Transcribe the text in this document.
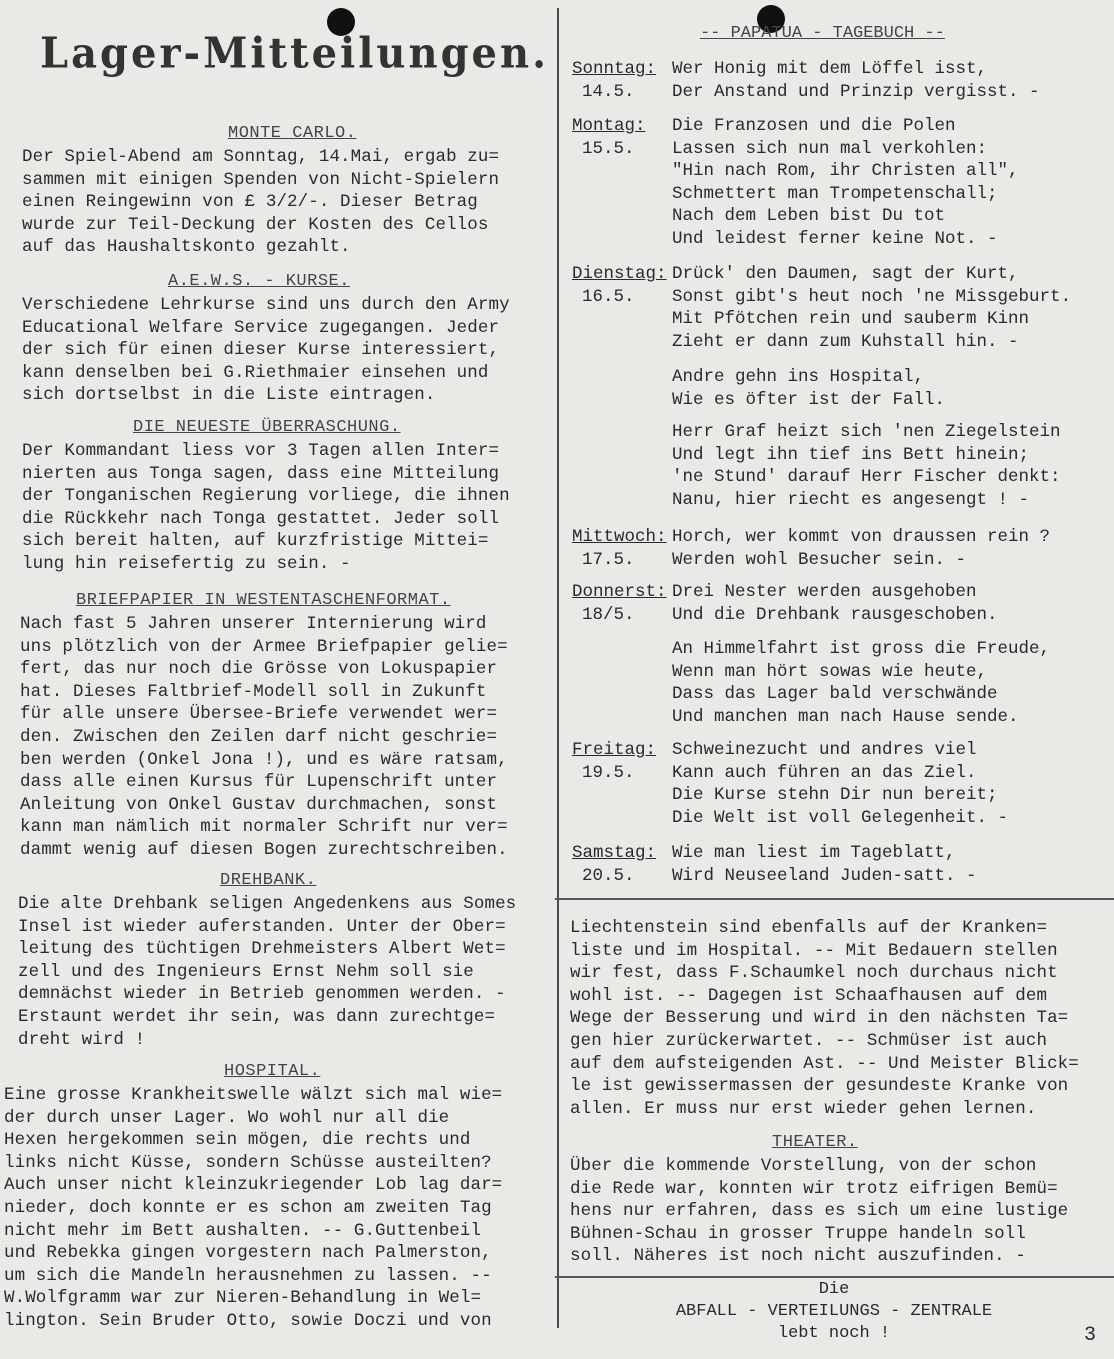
Lager-Mitteilungen.
MONTE CARLO.
Der Spiel-Abend am Sonntag, 14.Mai, ergab zu=
sammen mit einigen Spenden von Nicht-Spielern
einen Reingewinn von £ 3/2/-. Dieser Betrag
wurde zur Teil-Deckung der Kosten des Cellos
auf das Haushaltskonto gezahlt.
A.E.W.S. - KURSE.
Verschiedene Lehrkurse sind uns durch den Army
Educational Welfare Service zugegangen. Jeder
der sich für einen dieser Kurse interessiert,
kann denselben bei G.Riethmaier einsehen und
sich dortselbst in die Liste eintragen.
DIE NEUESTE ÜBERRASCHUNG.
Der Kommandant liess vor 3 Tagen allen Inter=
nierten aus Tonga sagen, dass eine Mitteilung
der Tonganischen Regierung vorliege, die ihnen
die Rückkehr nach Tonga gestattet. Jeder soll
sich bereit halten, auf kurzfristige Mittei=
lung hin reisefertig zu sein. -
BRIEFPAPIER IN WESTENTASCHENFORMAT.
Nach fast 5 Jahren unserer Internierung wird
uns plötzlich von der Armee Briefpapier gelie=
fert, das nur noch die Grösse von Lokuspapier
hat. Dieses Faltbrief-Modell soll in Zukunft
für alle unsere Übersee-Briefe verwendet wer=
den. Zwischen den Zeilen darf nicht geschrie=
ben werden (Onkel Jona !), und es wäre ratsam,
dass alle einen Kursus für Lupenschrift unter
Anleitung von Onkel Gustav durchmachen, sonst
kann man nämlich mit normaler Schrift nur ver=
dammt wenig auf diesen Bogen zurechtschreiben.
DREHBANK.
Die alte Drehbank seligen Angedenkens aus Somes
Insel ist wieder auferstanden. Unter der Ober=
leitung des tüchtigen Drehmeisters Albert Wet=
zell und des Ingenieurs Ernst Nehm soll sie
demnächst wieder in Betrieb genommen werden. -
Erstaunt werdet ihr sein, was dann zurechtge=
dreht wird !
HOSPITAL.
Eine grosse Krankheitswelle wälzt sich mal wie=
der durch unser Lager. Wo wohl nur all die
Hexen hergekommen sein mögen, die rechts und
links nicht Küsse, sondern Schüsse austeilten?
Auch unser nicht kleinzukriegender Lob lag dar=
nieder, doch konnte er es schon am zweiten Tag
nicht mehr im Bett aushalten. -- G.Guttenbeil
und Rebekka gingen vorgestern nach Palmerston,
um sich die Mandeln herausnehmen zu lassen. --
W.Wolfgramm war zur Nieren-Behandlung in Wel=
lington. Sein Bruder Otto, sowie Doczi und von
-- PAPATUA - TAGEBUCH --
Sonntag:
14.5.
Wer Honig mit dem Löffel isst,
Der Anstand und Prinzip vergisst. -
Montag:
15.5.
Die Franzosen und die Polen
Lassen sich nun mal verkohlen:
"Hin nach Rom, ihr Christen all",
Schmettert man Trompetenschall;
Nach dem Leben bist Du tot
Und leidest ferner keine Not. -
Dienstag:
16.5.
Drück' den Daumen, sagt der Kurt,
Sonst gibt's heut noch 'ne Missgeburt.
Mit Pfötchen rein und sauberm Kinn
Zieht er dann zum Kuhstall hin. -
Andre gehn ins Hospital,
Wie es öfter ist der Fall.
Herr Graf heizt sich 'nen Ziegelstein
Und legt ihn tief ins Bett hinein;
'ne Stund' darauf Herr Fischer denkt:
Nanu, hier riecht es angesengt ! -
Mittwoch:
17.5.
Horch, wer kommt von draussen rein ?
Werden wohl Besucher sein. -
Donnerst:
18/5.
Drei Nester werden ausgehoben
Und die Drehbank rausgeschoben.
An Himmelfahrt ist gross die Freude,
Wenn man hört sowas wie heute,
Dass das Lager bald verschwände
Und manchen man nach Hause sende.
Freitag:
19.5.
Schweinezucht und andres viel
Kann auch führen an das Ziel.
Die Kurse stehn Dir nun bereit;
Die Welt ist voll Gelegenheit. -
Samstag:
20.5.
Wie man liest im Tageblatt,
Wird Neuseeland Juden-satt. -
Liechtenstein sind ebenfalls auf der Kranken=
liste und im Hospital. -- Mit Bedauern stellen
wir fest, dass F.Schaumkel noch durchaus nicht
wohl ist. -- Dagegen ist Schaafhausen auf dem
Wege der Besserung und wird in den nächsten Ta=
gen hier zurückerwartet. -- Schmüser ist auch
auf dem aufsteigenden Ast. -- Und Meister Blick=
le ist gewissermassen der gesundeste Kranke von
allen. Er muss nur erst wieder gehen lernen.
THEATER.
Über die kommende Vorstellung, von der schon
die Rede war, konnten wir trotz eifrigen Bemü=
hens nur erfahren, dass es sich um eine lustige
Bühnen-Schau in grosser Truppe handeln soll
soll. Näheres ist noch nicht auszufinden. -
Die
ABFALL - VERTEILUNGS - ZENTRALE
lebt noch !	3
